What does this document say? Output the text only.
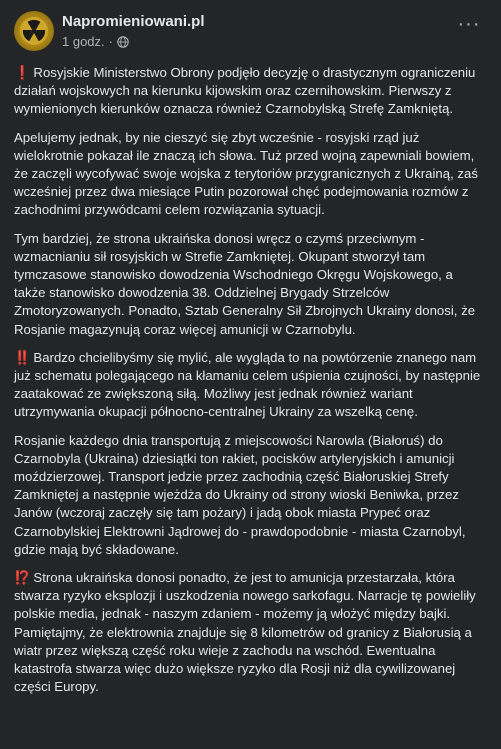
Napromieniowani.pl
1 godz. ·
···

❗ Rosyjskie Ministerstwo Obrony podjęło decyzję o drastycznym ograniczeniu działań wojskowych na kierunku kijowskim oraz czernihowskim. Pierwszy z wymienionych kierunków oznacza również Czarnobylską Strefę Zamkniętą.

Apelujemy jednak, by nie cieszyć się zbyt wcześnie - rosyjski rząd już wielokrotnie pokazał ile znaczą ich słowa. Tuż przed wojną zapewniali bowiem, że zaczęli wycofywać swoje wojska z terytoriów przygranicznych z Ukrainą, zaś wcześniej przez dwa miesiące Putin pozorował chęć podejmowania rozmów z zachodnimi przywódcami celem rozwiązania sytuacji.

Tym bardziej, że strona ukraińska donosi wręcz o czymś przeciwnym - wzmacnianiu sił rosyjskich w Strefie Zamkniętej. Okupant stworzył tam tymczasowe stanowisko dowodzenia Wschodniego Okręgu Wojskowego, a także stanowisko dowodzenia 38. Oddzielnej Brygady Strzelców Zmotoryzowanych. Ponadto, Sztab Generalny Sił Zbrojnych Ukrainy donosi, że Rosjanie magazynują coraz więcej amunicji w Czarnobylu.

‼️ Bardzo chcielibyśmy się mylić, ale wygląda to na powtórzenie znanego nam już schematu polegającego na kłamaniu celem uśpienia czujności, by następnie zaatakować ze zwiększoną siłą. Możliwy jest jednak również wariant utrzymywania okupacji północno-centralnej Ukrainy za wszelką cenę.

Rosjanie każdego dnia transportują z miejscowości Narowla (Białoruś) do Czarnobyla (Ukraina) dziesiątki ton rakiet, pocisków artyleryjskich i amunicji moździerzowej. Transport jedzie przez zachodnią część Białoruskiej Strefy Zamkniętej a następnie wjeżdża do Ukrainy od strony wioski Beniwka, przez Janów (wczoraj zaczęły się tam pożary) i jadą obok miasta Prypeć oraz Czarnobylskiej Elektrowni Jądrowej do - prawdopodobnie - miasta Czarnobyl, gdzie mają być składowane.

⁉️ Strona ukraińska donosi ponadto, że jest to amunicja przestarzała, która stwarza ryzyko eksplozji i uszkodzenia nowego sarkofagu. Narracje tę powieliły polskie media, jednak - naszym zdaniem - możemy ją włożyć między bajki. Pamiętajmy, że elektrownia znajduje się 8 kilometrów od granicy z Białorusią a wiatr przez większą część roku wieje z zachodu na wschód. Ewentualna katastrofa stwarza więc dużo większe ryzyko dla Rosji niż dla cywilizowanej części Europy.
